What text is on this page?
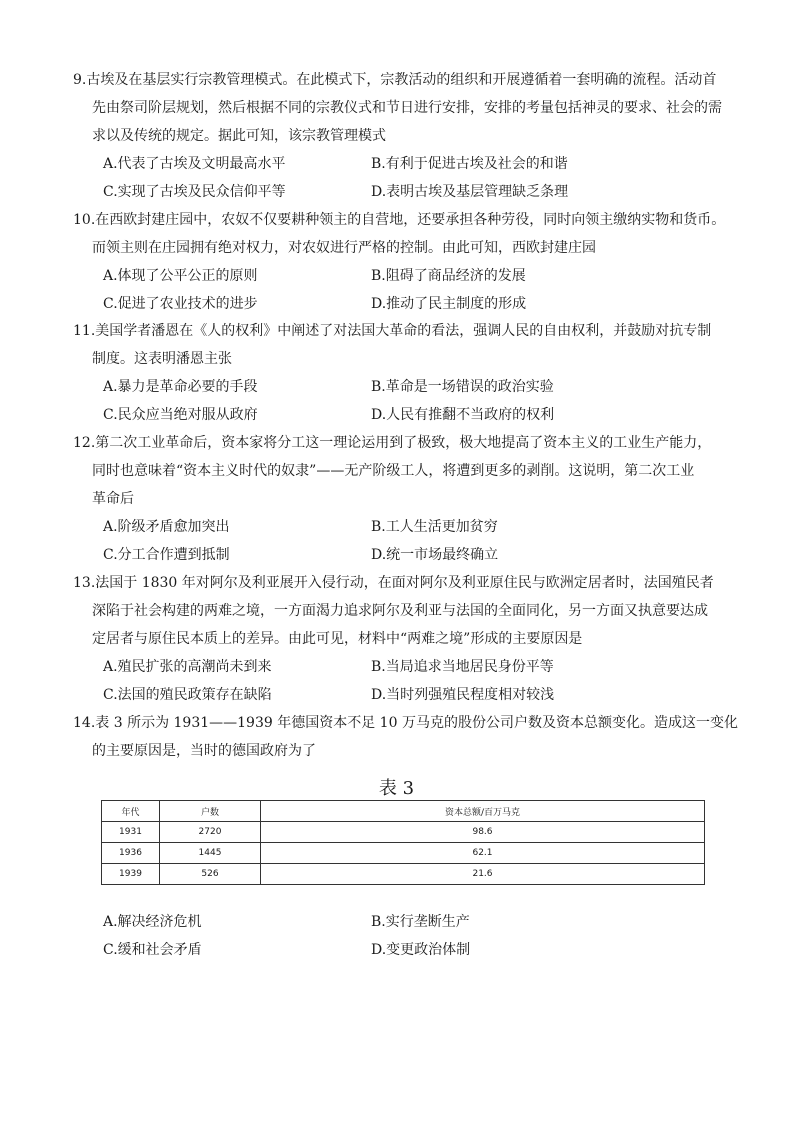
9.古埃及在基层实行宗教管理模式。在此模式下，宗教活动的组织和开展遵循着一套明确的流程。活动首
先由祭司阶层规划，然后根据不同的宗教仪式和节日进行安排，安排的考量包括神灵的要求、社会的需
求以及传统的规定。据此可知，该宗教管理模式
A.代表了古埃及文明最高水平	B.有利于促进古埃及社会的和谐
C.实现了古埃及民众信仰平等	D.表明古埃及基层管理缺乏条理
10.在西欧封建庄园中，农奴不仅要耕种领主的自营地，还要承担各种劳役，同时向领主缴纳实物和货币。
而领主则在庄园拥有绝对权力，对农奴进行严格的控制。由此可知，西欧封建庄园
A.体现了公平公正的原则	B.阻碍了商品经济的发展
C.促进了农业技术的进步	D.推动了民主制度的形成
11.美国学者潘恩在《人的权利》中阐述了对法国大革命的看法，强调人民的自由权利，并鼓励对抗专制
制度。这表明潘恩主张
A.暴力是革命必要的手段	B.革命是一场错误的政治实验
C.民众应当绝对服从政府	D.人民有推翻不当政府的权利
12.第二次工业革命后，资本家将分工这一理论运用到了极致，极大地提高了资本主义的工业生产能力，
同时也意味着“资本主义时代的奴隶”——无产阶级工人，将遭到更多的剥削。这说明，第二次工业
革命后
A.阶级矛盾愈加突出	B.工人生活更加贫穷
C.分工合作遭到抵制	D.统一市场最终确立
13.法国于 1830 年对阿尔及利亚展开入侵行动，在面对阿尔及利亚原住民与欧洲定居者时，法国殖民者
深陷于社会构建的两难之境，一方面渴力追求阿尔及利亚与法国的全面同化，另一方面又执意要达成
定居者与原住民本质上的差异。由此可见，材料中“两难之境”形成的主要原因是
A.殖民扩张的高潮尚未到来	B.当局追求当地居民身份平等
C.法国的殖民政策存在缺陷	D.当时列强殖民程度相对较浅
14.表 3 所示为 1931——1939 年德国资本不足 10 万马克的股份公司户数及资本总额变化。造成这一变化
的主要原因是，当时的德国政府为了
表 3
年代	户数	资本总额/百万马克
1931	2720	98.6
1936	1445	62.1
1939	526	21.6
A.解决经济危机	B.实行垄断生产
C.缓和社会矛盾	D.变更政治体制
